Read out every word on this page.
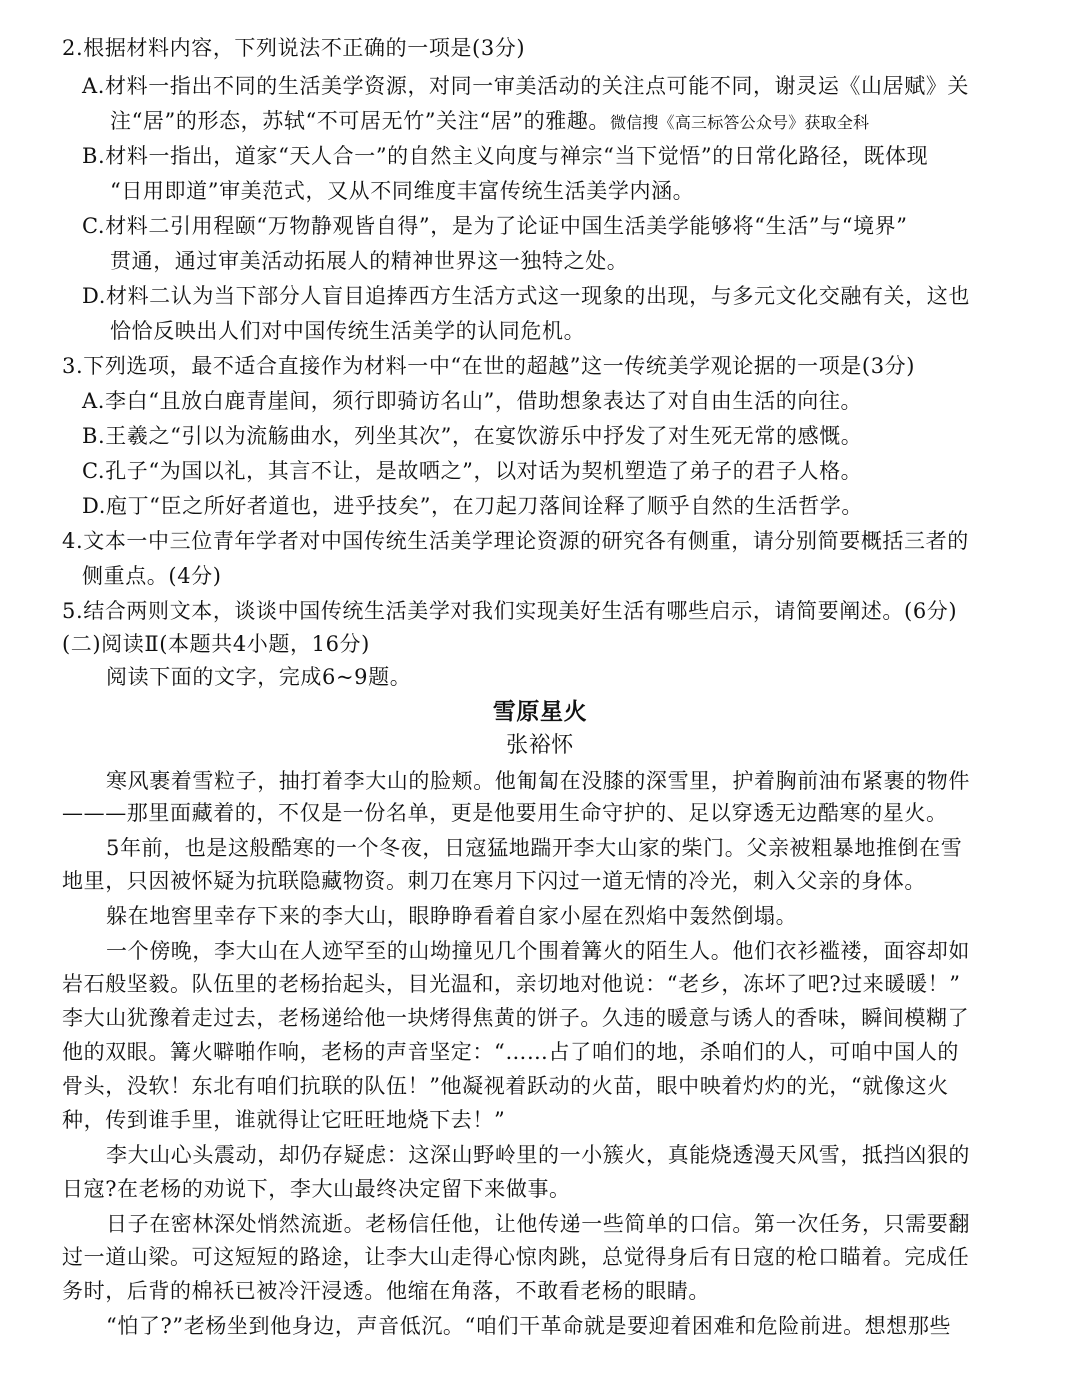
2.根据材料内容，下列说法不正确的一项是(3分)
A.材料一指出不同的生活美学资源，对同一审美活动的关注点可能不同，谢灵运《山居赋》关
注“居”的形态，苏轼“不可居无竹”关注“居”的雅趣。微信搜《高三标答公众号》获取全科
B.材料一指出，道家“天人合一”的自然主义向度与禅宗“当下觉悟”的日常化路径，既体现
“日用即道”审美范式，又从不同维度丰富传统生活美学内涵。
C.材料二引用程颐“万物静观皆自得”，是为了论证中国生活美学能够将“生活”与“境界”
贯通，通过审美活动拓展人的精神世界这一独特之处。
D.材料二认为当下部分人盲目追捧西方生活方式这一现象的出现，与多元文化交融有关，这也
恰恰反映出人们对中国传统生活美学的认同危机。
3.下列选项，最不适合直接作为材料一中“在世的超越”这一传统美学观论据的一项是(3分)
A.李白“且放白鹿青崖间，须行即骑访名山”，借助想象表达了对自由生活的向往。
B.王羲之“引以为流觞曲水，列坐其次”，在宴饮游乐中抒发了对生死无常的感慨。
C.孔子“为国以礼，其言不让，是故哂之”，以对话为契机塑造了弟子的君子人格。
D.庖丁“臣之所好者道也，进乎技矣”，在刀起刀落间诠释了顺乎自然的生活哲学。
4.文本一中三位青年学者对中国传统生活美学理论资源的研究各有侧重，请分别简要概括三者的
侧重点。(4分)
5.结合两则文本，谈谈中国传统生活美学对我们实现美好生活有哪些启示，请简要阐述。(6分)
(二)阅读Ⅱ(本题共4小题，16分)
阅读下面的文字，完成6~9题。
雪原星火
张裕怀
寒风裹着雪粒子，抽打着李大山的脸颊。他匍匐在没膝的深雪里，护着胸前油布紧裹的物件
———那里面藏着的，不仅是一份名单，更是他要用生命守护的、足以穿透无边酷寒的星火。
5年前，也是这般酷寒的一个冬夜，日寇猛地踹开李大山家的柴门。父亲被粗暴地推倒在雪
地里，只因被怀疑为抗联隐藏物资。刺刀在寒月下闪过一道无情的冷光，刺入父亲的身体。
躲在地窖里幸存下来的李大山，眼睁睁看着自家小屋在烈焰中轰然倒塌。
一个傍晚，李大山在人迹罕至的山坳撞见几个围着篝火的陌生人。他们衣衫褴褛，面容却如
岩石般坚毅。队伍里的老杨抬起头，目光温和，亲切地对他说：“老乡，冻坏了吧?过来暖暖！”
李大山犹豫着走过去，老杨递给他一块烤得焦黄的饼子。久违的暖意与诱人的香味，瞬间模糊了
他的双眼。篝火噼啪作响，老杨的声音坚定：“……占了咱们的地，杀咱们的人，可咱中国人的
骨头，没软！东北有咱们抗联的队伍！”他凝视着跃动的火苗，眼中映着灼灼的光，“就像这火
种，传到谁手里，谁就得让它旺旺地烧下去！”
李大山心头震动，却仍存疑虑：这深山野岭里的一小簇火，真能烧透漫天风雪，抵挡凶狠的
日寇?在老杨的劝说下，李大山最终决定留下来做事。
日子在密林深处悄然流逝。老杨信任他，让他传递一些简单的口信。第一次任务，只需要翻
过一道山梁。可这短短的路途，让李大山走得心惊肉跳，总觉得身后有日寇的枪口瞄着。完成任
务时，后背的棉袄已被冷汗浸透。他缩在角落，不敢看老杨的眼睛。
“怕了?”老杨坐到他身边，声音低沉。“咱们干革命就是要迎着困难和危险前进。想想那些
